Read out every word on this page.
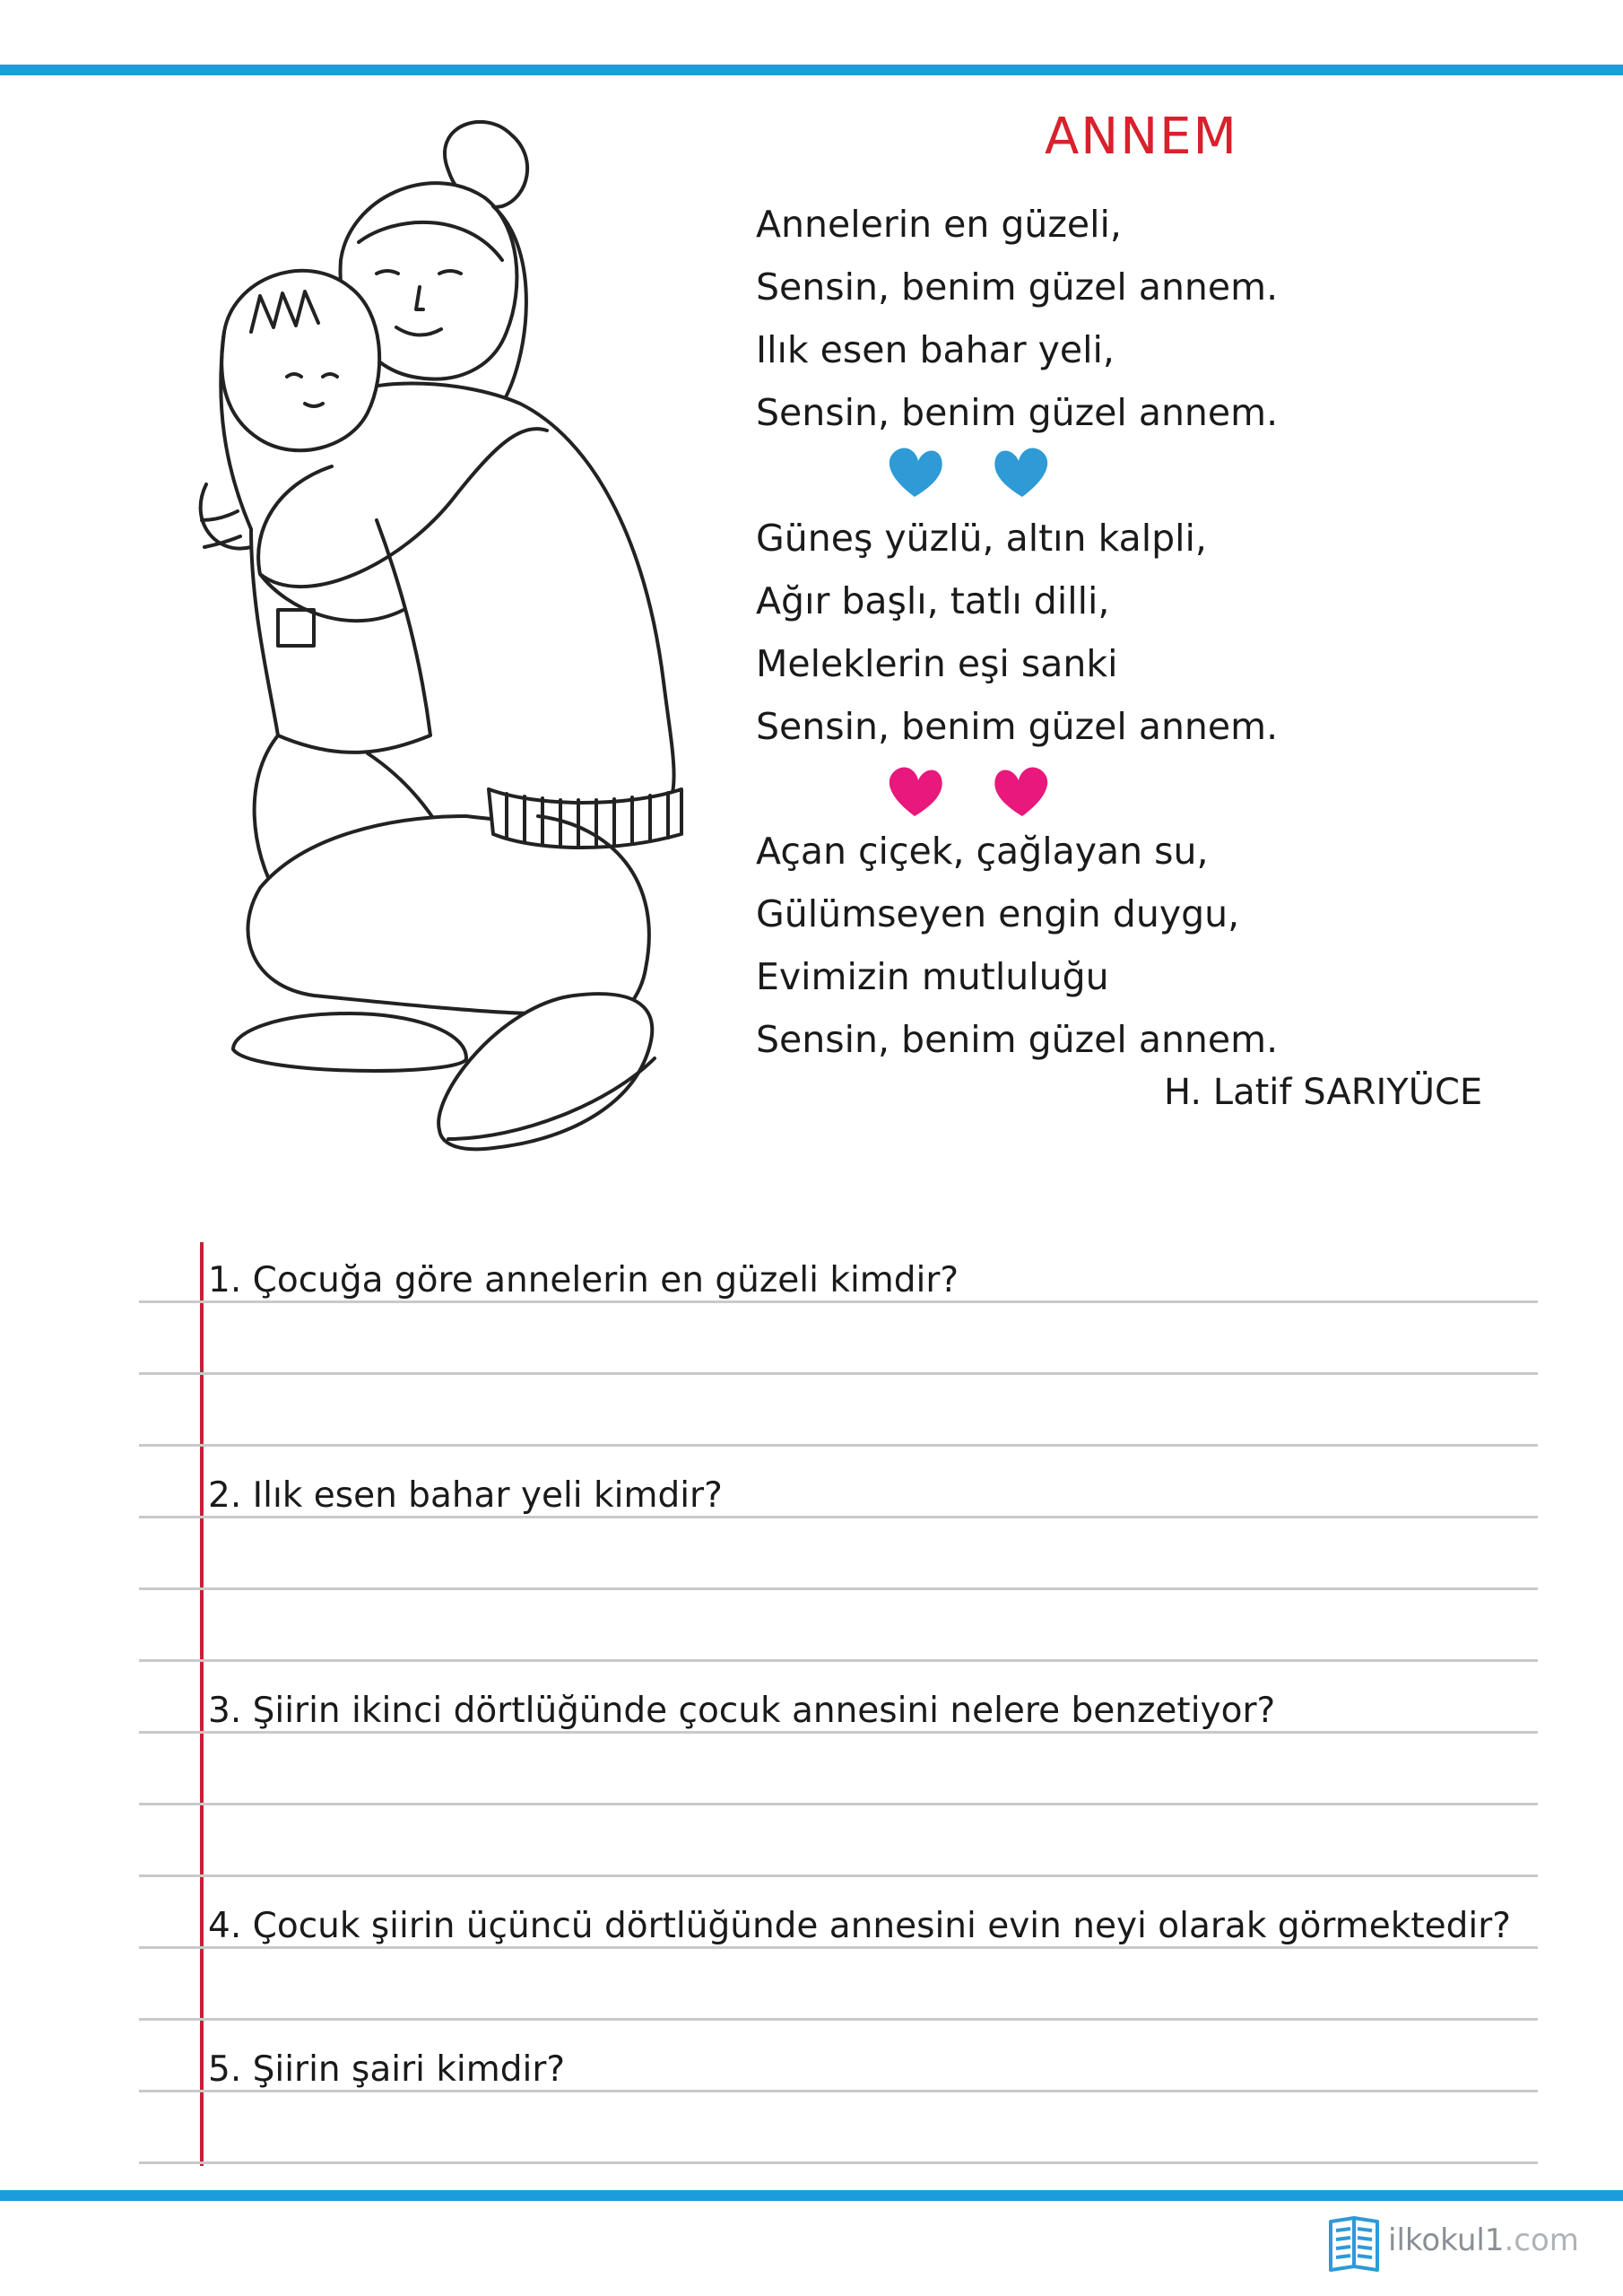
ANNEM
Annelerin en güzeli,
Sensin, benim güzel annem.
Ilık esen bahar yeli,
Sensin, benim güzel annem.
Güneş yüzlü, altın kalpli,
Ağır başlı, tatlı dilli,
Meleklerin eşi sanki
Sensin, benim güzel annem.
Açan çiçek, çağlayan su,
Gülümseyen engin duygu,
Evimizin mutluluğu
Sensin, benim güzel annem.
H. Latif SARIYÜCE
1. Çocuğa göre annelerin en güzeli kimdir?
2. Ilık esen bahar yeli kimdir?
3. Şiirin ikinci dörtlüğünde çocuk annesini nelere benzetiyor?
4. Çocuk şiirin üçüncü dörtlüğünde annesini evin neyi olarak görmektedir?
5. Şiirin şairi kimdir?
ilkokul1.com
